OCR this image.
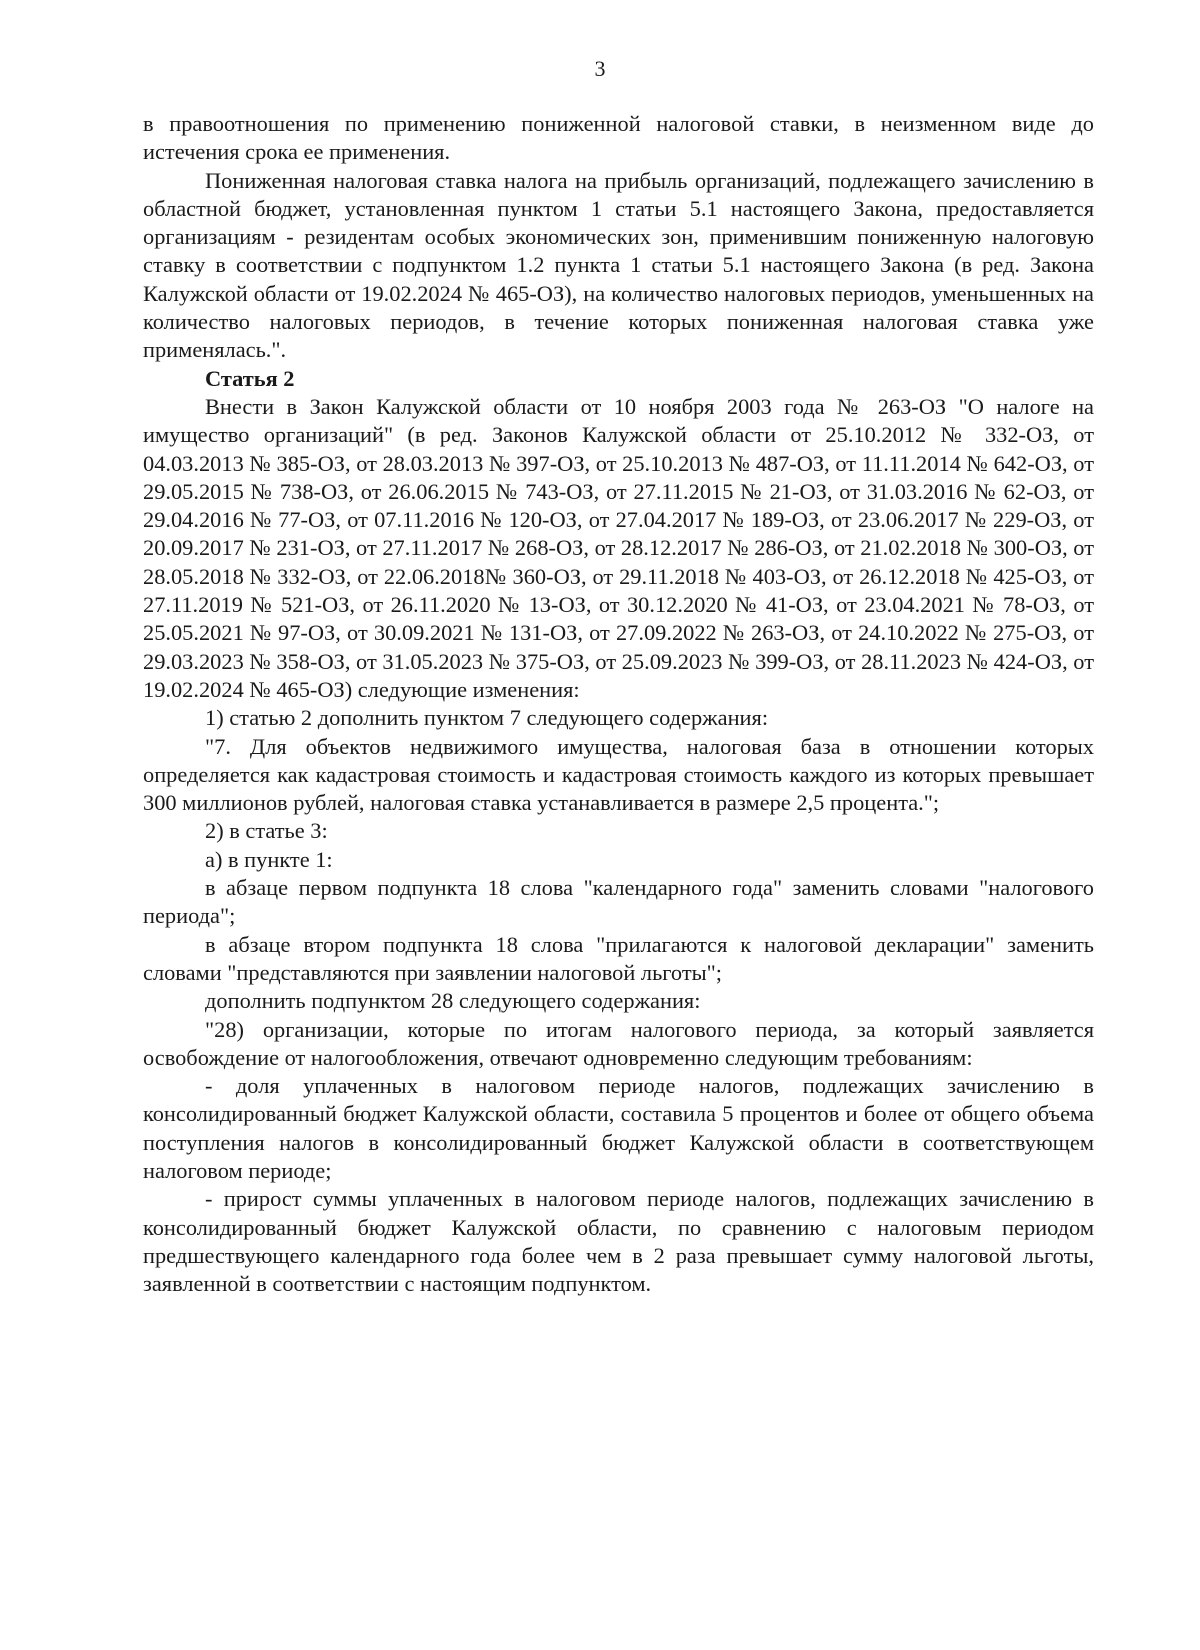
3

в правоотношения по применению пониженной налоговой ставки, в неизменном виде до истечения срока ее применения.

Пониженная налоговая ставка налога на прибыль организаций, подлежащего зачислению в областной бюджет, установленная пунктом 1 статьи 5.1 настоящего Закона, предоставляется организациям - резидентам особых экономических зон, применившим пониженную налоговую ставку в соответствии с подпунктом 1.2 пункта 1 статьи 5.1 настоящего Закона (в ред. Закона Калужской области от 19.02.2024 № 465-ОЗ), на количество налоговых периодов, уменьшенных на количество налоговых периодов, в течение которых пониженная налоговая ставка уже применялась.".

Статья 2

Внести в Закон Калужской области от 10 ноября 2003 года № 263-ОЗ "О налоге на имущество организаций" (в ред. Законов Калужской области от 25.10.2012 № 332-ОЗ, от 04.03.2013 № 385-ОЗ, от 28.03.2013 № 397-ОЗ, от 25.10.2013 № 487-ОЗ, от 11.11.2014 № 642-ОЗ, от 29.05.2015 № 738-ОЗ, от 26.06.2015 № 743-ОЗ, от 27.11.2015 № 21-ОЗ, от 31.03.2016 № 62-ОЗ, от 29.04.2016 № 77-ОЗ, от 07.11.2016 № 120-ОЗ, от 27.04.2017 № 189-ОЗ, от 23.06.2017 № 229-ОЗ, от 20.09.2017 № 231-ОЗ, от 27.11.2017 № 268-ОЗ, от 28.12.2017 № 286-ОЗ, от 21.02.2018 № 300-ОЗ, от 28.05.2018 № 332-ОЗ, от 22.06.2018№ 360-ОЗ, от 29.11.2018 № 403-ОЗ, от 26.12.2018 № 425-ОЗ, от 27.11.2019 № 521-ОЗ, от 26.11.2020 № 13-ОЗ, от 30.12.2020 № 41-ОЗ, от 23.04.2021 № 78-ОЗ, от 25.05.2021 № 97-ОЗ, от 30.09.2021 № 131-ОЗ, от 27.09.2022 № 263-ОЗ, от 24.10.2022 № 275-ОЗ, от 29.03.2023 № 358-ОЗ, от 31.05.2023 № 375-ОЗ, от 25.09.2023 № 399-ОЗ, от 28.11.2023 № 424-ОЗ, от 19.02.2024 № 465-ОЗ) следующие изменения:

1) статью 2 дополнить пунктом 7 следующего содержания:

"7. Для объектов недвижимого имущества, налоговая база в отношении которых определяется как кадастровая стоимость и кадастровая стоимость каждого из которых превышает 300 миллионов рублей, налоговая ставка устанавливается в размере 2,5 процента.";

2) в статье 3:

а) в пункте 1:

в абзаце первом подпункта 18 слова "календарного года" заменить словами "налогового периода";

в абзаце втором подпункта 18 слова "прилагаются к налоговой декларации" заменить словами "представляются при заявлении налоговой льготы";

дополнить подпунктом 28 следующего содержания:

"28) организации, которые по итогам налогового периода, за который заявляется освобождение от налогообложения, отвечают одновременно следующим требованиям:

- доля уплаченных в налоговом периоде налогов, подлежащих зачислению в консолидированный бюджет Калужской области, составила 5 процентов и более от общего объема поступления налогов в консолидированный бюджет Калужской области в соответствующем налоговом периоде;

- прирост суммы уплаченных в налоговом периоде налогов, подлежащих зачислению в консолидированный бюджет Калужской области, по сравнению с налоговым периодом предшествующего календарного года более чем в 2 раза превышает сумму налоговой льготы, заявленной в соответствии с настоящим подпунктом.
